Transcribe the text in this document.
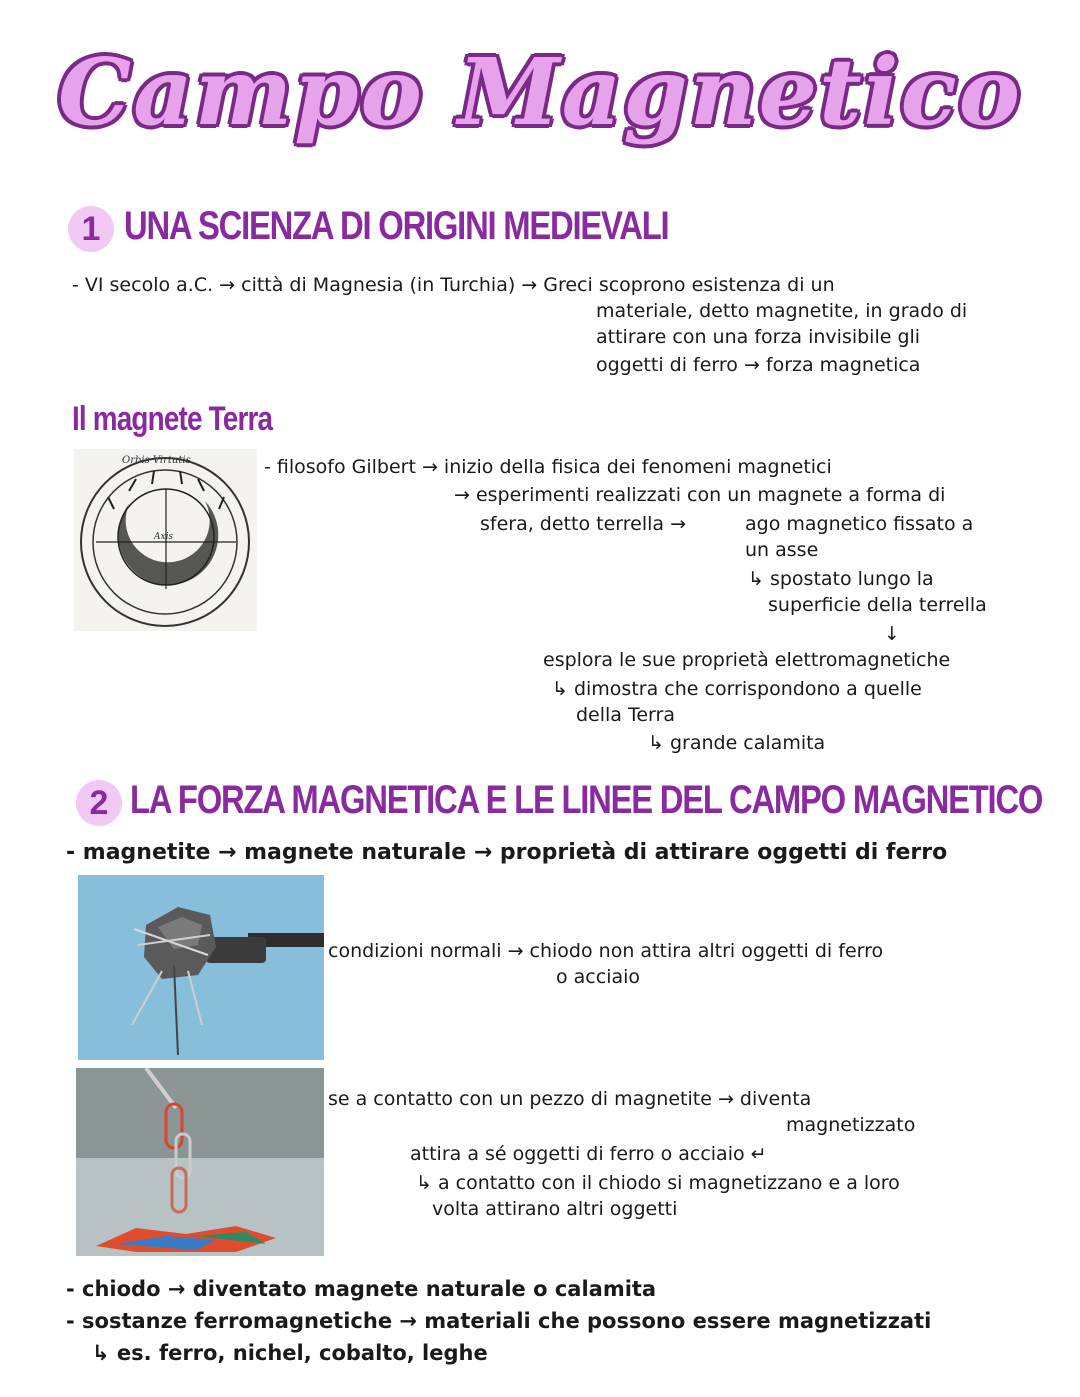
Campo Magnetico
1 UNA SCIENZA DI ORIGINI MEDIEVALI
- VI secolo a.C. → città di Magnesia (in Turchia) → Greci scoprono esistenza di un
materiale, detto magnetite, in grado di
attirare con una forza invisibile gli
oggetti di ferro → forza magnetica
Il magnete Terra
Orbis Virtutis
Axis
- filosofo Gilbert → inizio della fisica dei fenomeni magnetici
→ esperimenti realizzati con un magnete a forma di
sfera, detto terrella →	ago magnetico fissato a
un asse
↳ spostato lungo la
superficie della terrella
↓
esplora le sue proprietà elettromagnetiche
↳ dimostra che corrispondono a quelle
della Terra
↳ grande calamita
2 LA FORZA MAGNETICA E LE LINEE DEL CAMPO MAGNETICO
- magnetite → magnete naturale → proprietà di attirare oggetti di ferro
condizioni normali → chiodo non attira altri oggetti di ferro
o acciaio
se a contatto con un pezzo di magnetite → diventa
magnetizzato
attira a sé oggetti di ferro o acciaio ↵
↳ a contatto con il chiodo si magnetizzano e a loro
volta attirano altri oggetti
- chiodo → diventato magnete naturale o calamita
- sostanze ferromagnetiche → materiali che possono essere magnetizzati
↳ es. ferro, nichel, cobalto, leghe
